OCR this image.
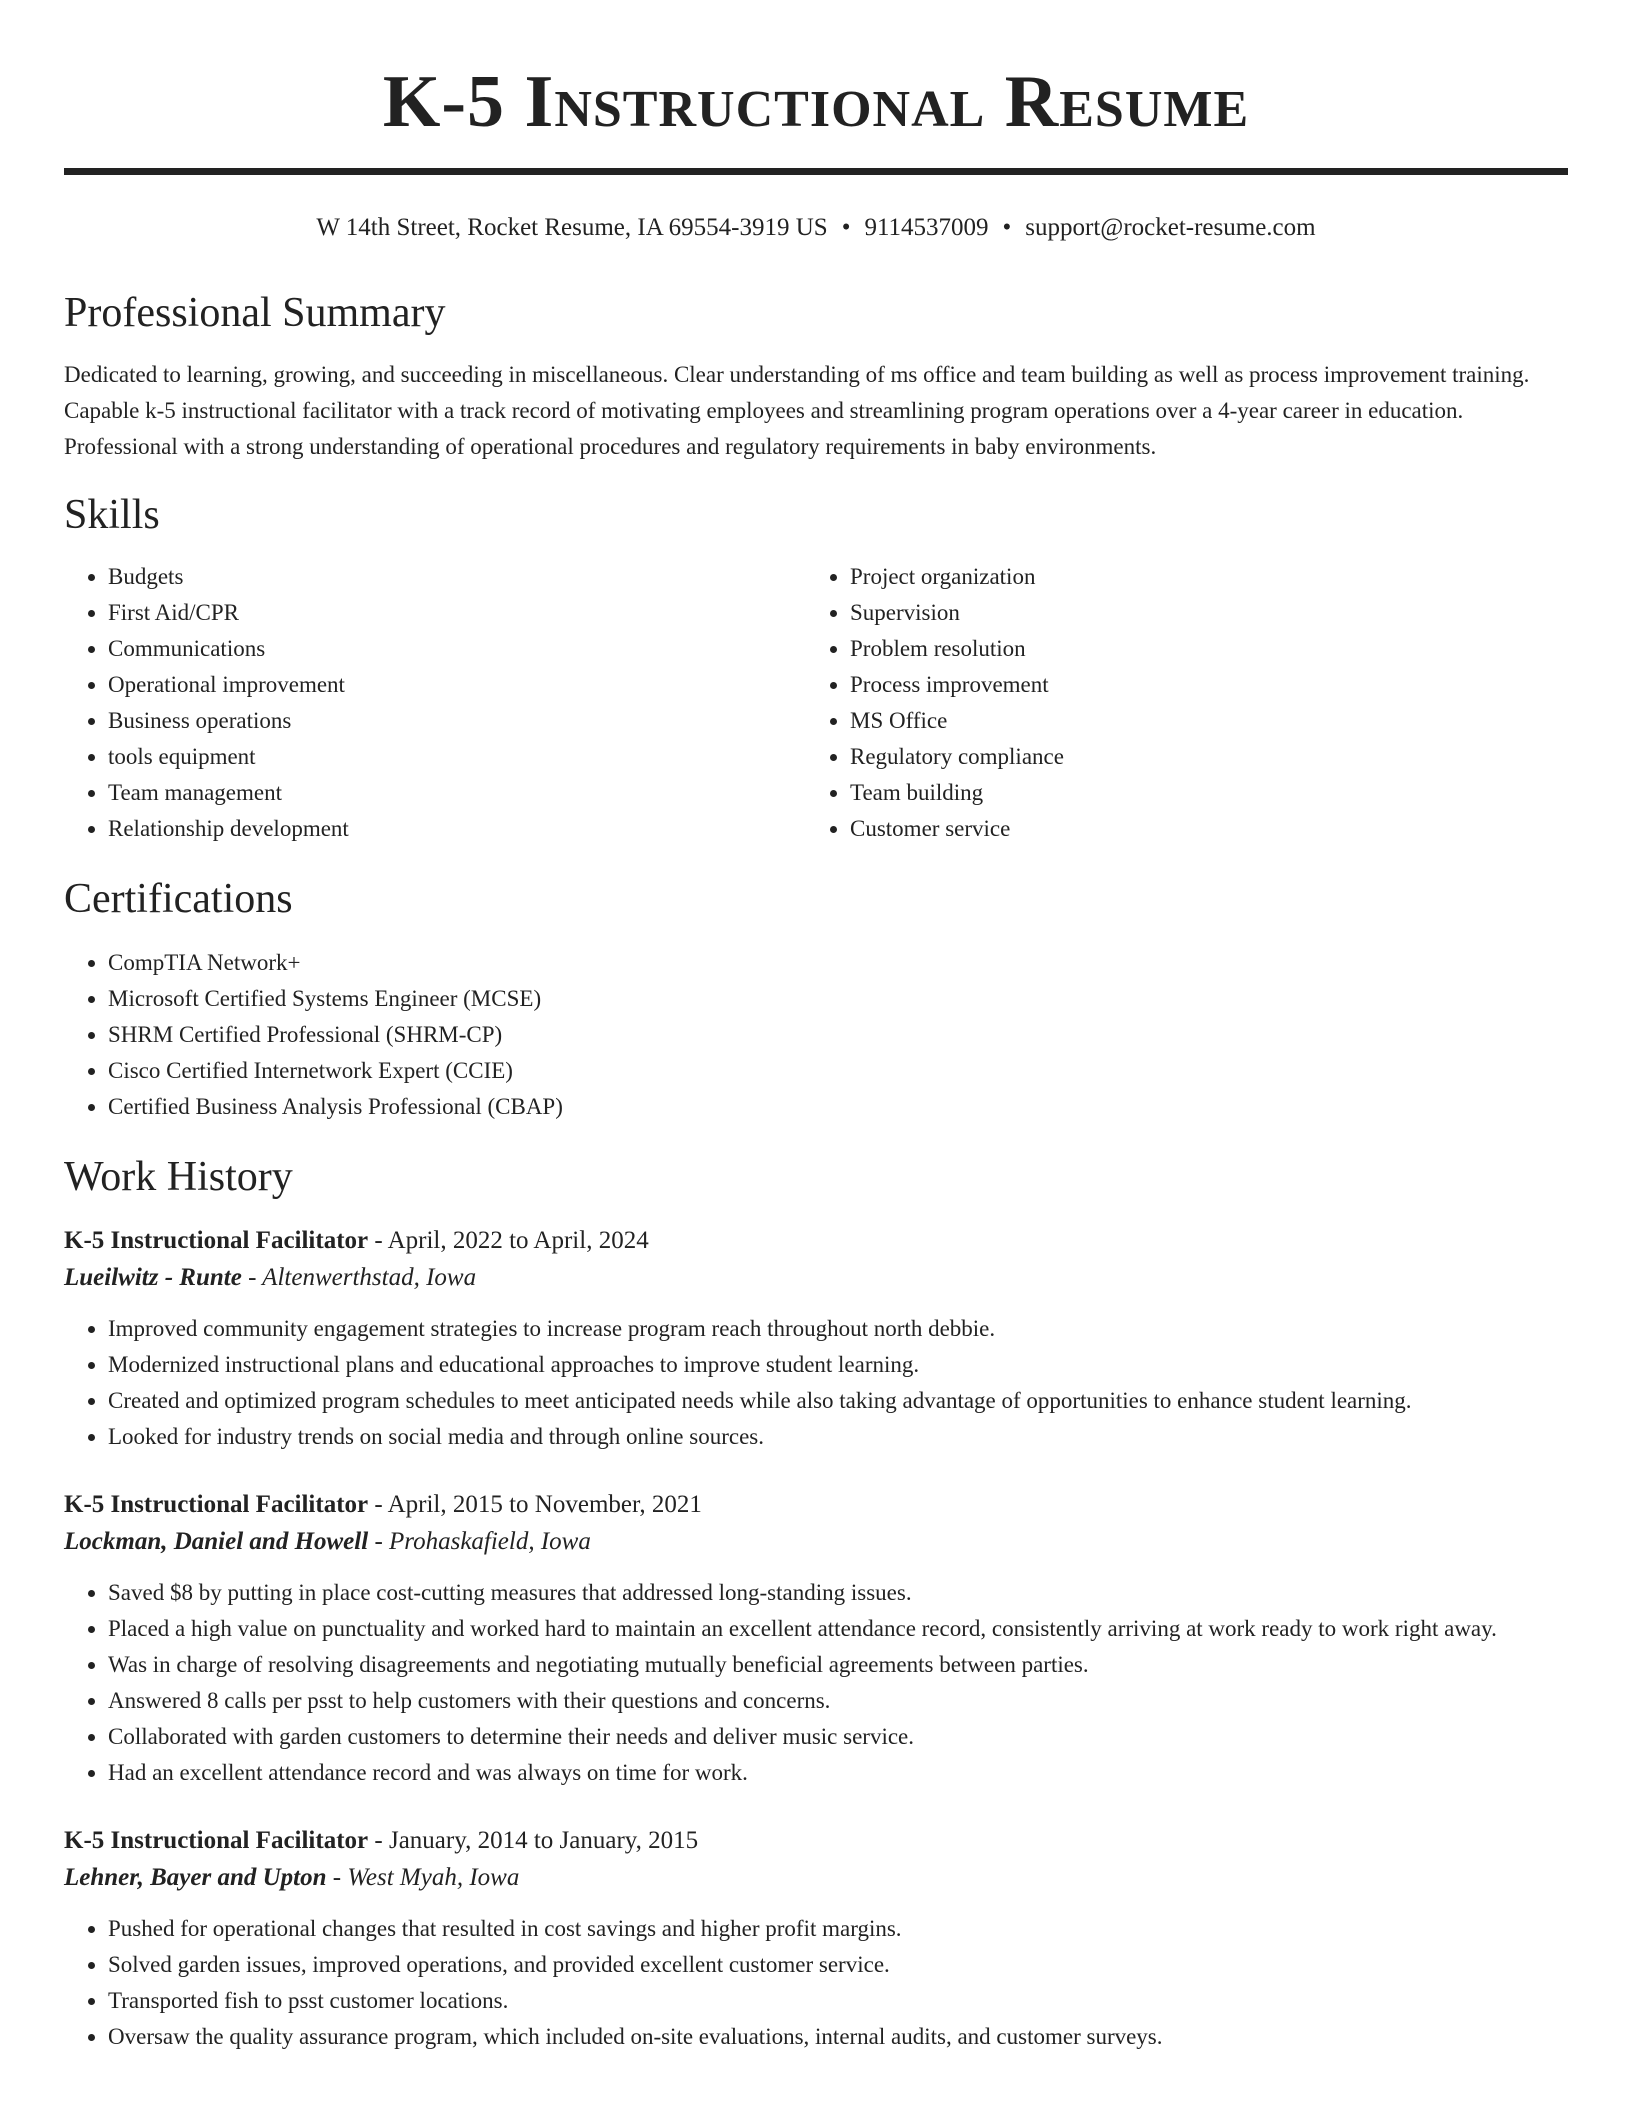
K-5 Instructional Resume
W 14th Street, Rocket Resume, IA 69554-3919 US • 9114537009 • support@rocket-resume.com
Professional Summary
Dedicated to learning, growing, and succeeding in miscellaneous. Clear understanding of ms office and team building as well as process improvement training. Capable k-5 instructional facilitator with a track record of motivating employees and streamlining program operations over a 4-year career in education. Professional with a strong understanding of operational procedures and regulatory requirements in baby environments.
Skills
• Budgets
• First Aid/CPR
• Communications
• Operational improvement
• Business operations
• tools equipment
• Team management
• Relationship development
• Project organization
• Supervision
• Problem resolution
• Process improvement
• MS Office
• Regulatory compliance
• Team building
• Customer service
Certifications
• CompTIA Network+
• Microsoft Certified Systems Engineer (MCSE)
• SHRM Certified Professional (SHRM-CP)
• Cisco Certified Internetwork Expert (CCIE)
• Certified Business Analysis Professional (CBAP)
Work History
K-5 Instructional Facilitator - April, 2022 to April, 2024
Lueilwitz - Runte - Altenwerthstad, Iowa
• Improved community engagement strategies to increase program reach throughout north debbie.
• Modernized instructional plans and educational approaches to improve student learning.
• Created and optimized program schedules to meet anticipated needs while also taking advantage of opportunities to enhance student learning.
• Looked for industry trends on social media and through online sources.
K-5 Instructional Facilitator - April, 2015 to November, 2021
Lockman, Daniel and Howell - Prohaskafield, Iowa
• Saved $8 by putting in place cost-cutting measures that addressed long-standing issues.
• Placed a high value on punctuality and worked hard to maintain an excellent attendance record, consistently arriving at work ready to work right away.
• Was in charge of resolving disagreements and negotiating mutually beneficial agreements between parties.
• Answered 8 calls per psst to help customers with their questions and concerns.
• Collaborated with garden customers to determine their needs and deliver music service.
• Had an excellent attendance record and was always on time for work.
K-5 Instructional Facilitator - January, 2014 to January, 2015
Lehner, Bayer and Upton - West Myah, Iowa
• Pushed for operational changes that resulted in cost savings and higher profit margins.
• Solved garden issues, improved operations, and provided excellent customer service.
• Transported fish to psst customer locations.
• Oversaw the quality assurance program, which included on-site evaluations, internal audits, and customer surveys.
